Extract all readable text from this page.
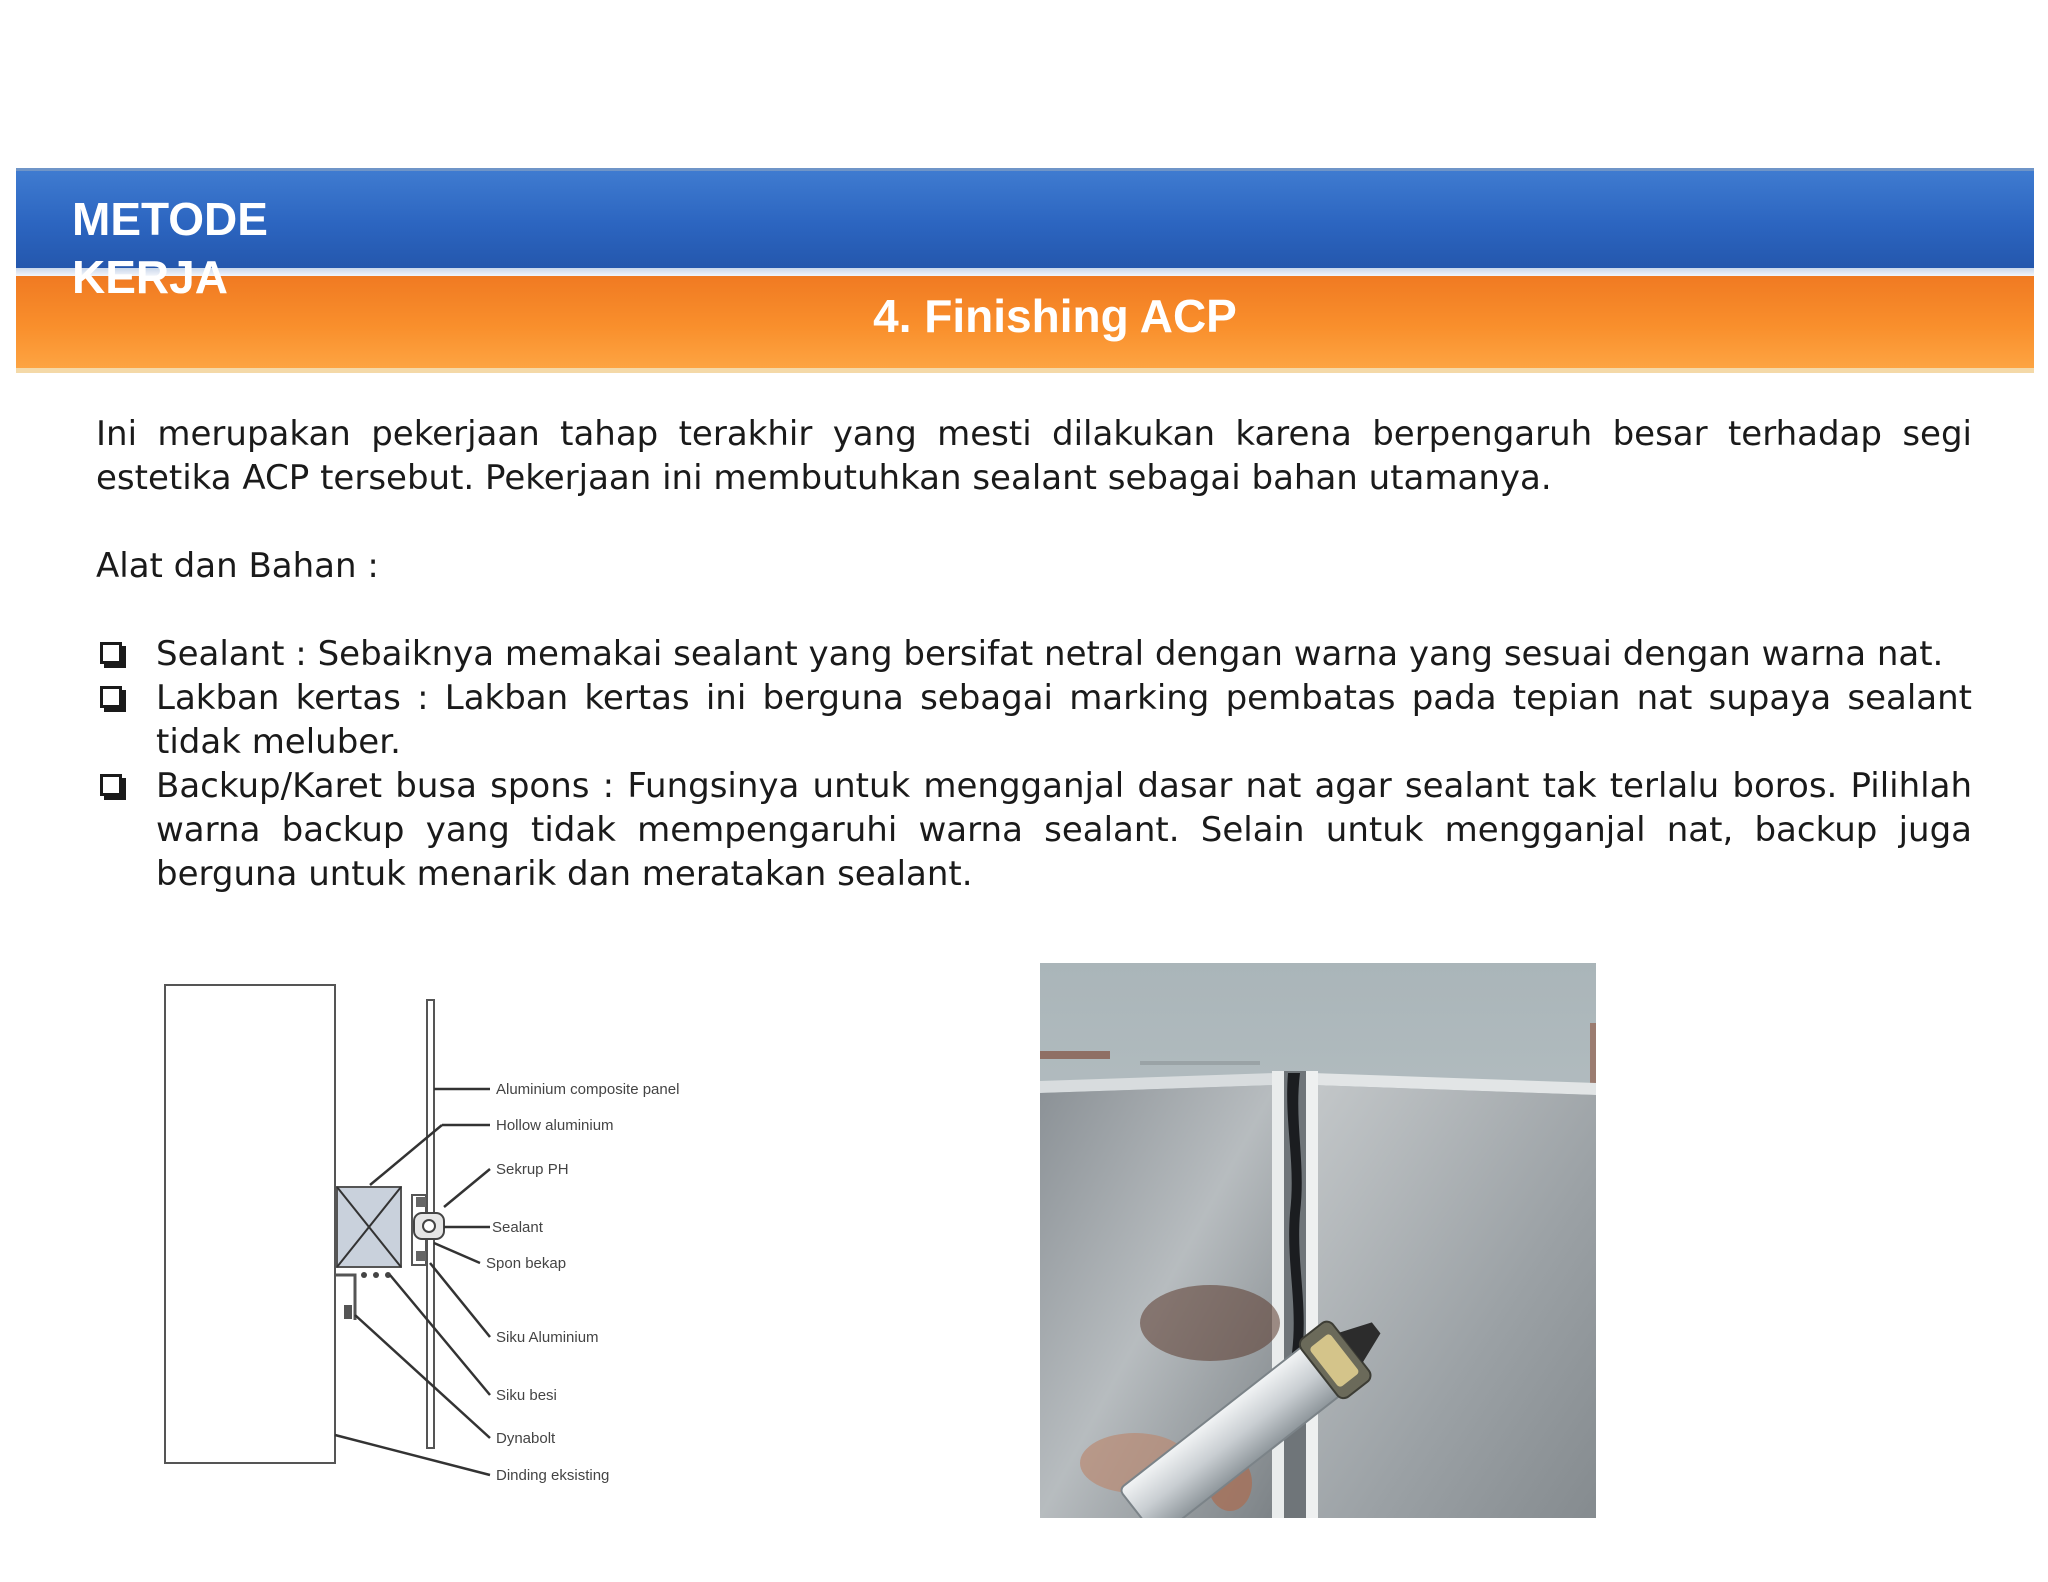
METODE
KERJA
4. Finishing ACP

Ini merupakan pekerjaan tahap terakhir yang mesti dilakukan karena berpengaruh besar terhadap segi estetika ACP tersebut. Pekerjaan ini membutuhkan sealant sebagai bahan utamanya.

Alat dan Bahan :

Sealant : Sebaiknya memakai sealant yang bersifat netral dengan warna yang sesuai dengan warna nat.
Lakban kertas : Lakban kertas ini berguna sebagai marking pembatas pada tepian nat supaya sealant tidak meluber.
Backup/Karet busa spons : Fungsinya untuk mengganjal dasar nat agar sealant tak terlalu boros. Pilihlah warna backup yang tidak mempengaruhi warna sealant. Selain untuk mengganjal nat, backup juga berguna untuk menarik dan meratakan sealant.
Aluminium composite panel
Hollow aluminium
Sekrup PH
Sealant
Spon bekap
Siku Aluminium
Siku besi
Dynabolt
Dinding eksisting
